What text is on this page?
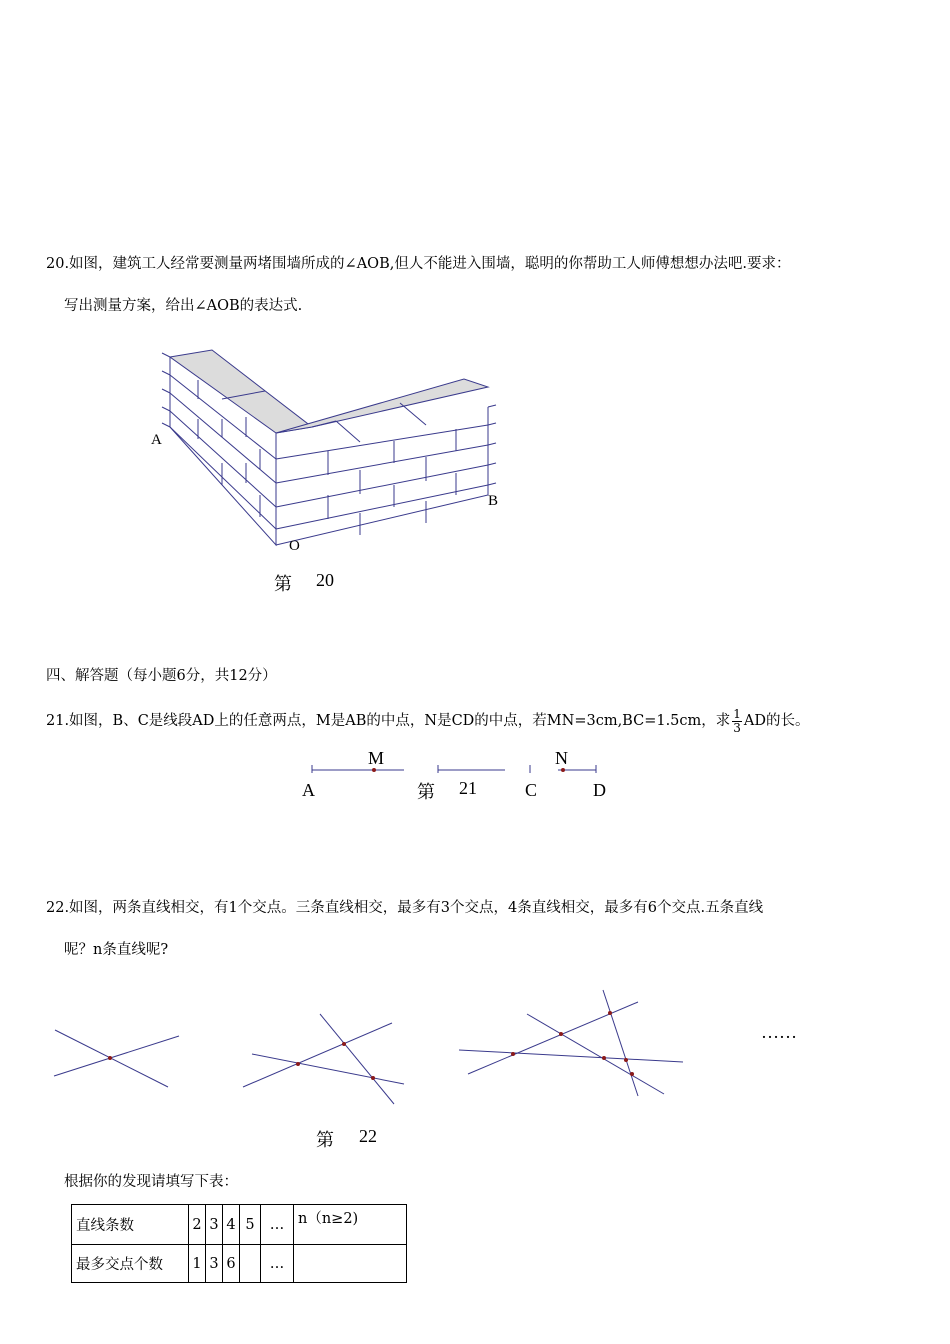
20.如图，建筑工人经常要测量两堵围墙所成的∠AOB,但人不能进入围墙，聪明的你帮助工人师傅想想办法吧.要求：
写出测量方案，给出∠AOB的表达式.
A
B
O
第 20
四、解答题（每小题6分，共12分）
21.如图，B、C是线段AD上的任意两点，M是AB的中点，N是CD的中点，若MN=3cm,BC=1.5cm，求 $\frac{1}{3}$ AD的长。
M	N
A	第 21	C	D
22.如图，两条直线相交，有1个交点。三条直线相交，最多有3个交点，4条直线相交，最多有6个交点.五条直线
呢？n条直线呢?
……
第 22
根据你的发现请填写下表：
直线条数	2	3	4	5	…	n（n≥2)
最多交点个数	1	3	6		…	
